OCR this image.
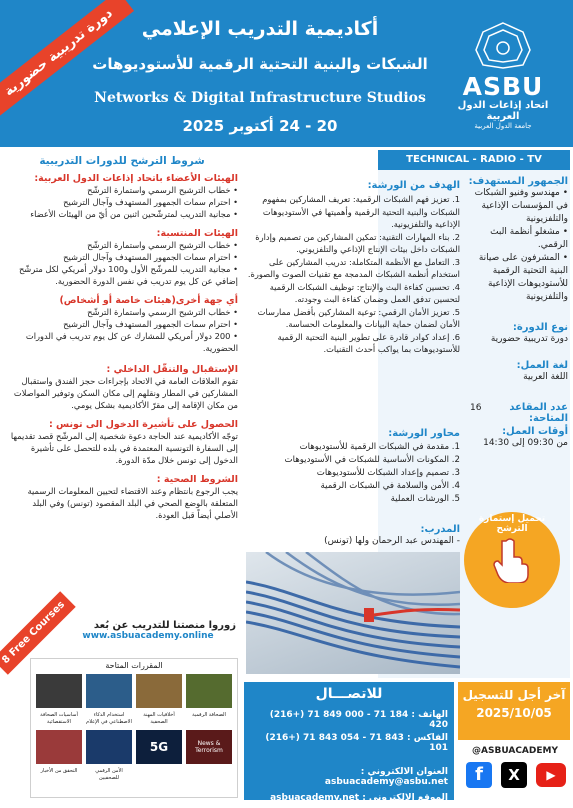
دورة تدريبية حضورية	أكاديمية التدريب الإعلامي
الشبكات والبنية التحتية الرقمية للأستوديوهات
Networks & Digital Infrastructure Studios
20 - 24 أكتوبر 2025
ASBU
اتحاد إذاعات الدول العربية
جامعة الدول العربية
TECHNICAL - RADIO - TV
الجمهور المستهدف:
• مهندسو وفنيو الشبكات في المؤسسات الإذاعية والتلفزيونية
• مشغلو أنظمة البث الرقمي.
• المشرفون على صيانة البنية التحتية الرقمية للأستوديوهات الإذاعية والتلفزيونية
نوع الدورة:
دورة تدريبية حضورية
لغة العمل:
اللغة العربية
عدد المقاعد المتاحة:
16
أوقات العمل:
من 09:30 إلى 14:30
تحميل إستمارة الترشح
الهدف من الورشة:
1. تعزيز فهم الشبكات الرقمية: تعريف المشاركين بمفهوم الشبكات والبنية التحتية الرقمية وأهميتها في الأستوديوهات الإذاعية والتلفزيونية.
2. بناء المهارات التقنية: تمكين المشاركين من تصميم وإدارة الشبكات داخل بيئات الإنتاج الإذاعي والتلفزيوني.
3. التعامل مع الأنظمة المتكاملة: تدريب المشاركين على استخدام أنظمة الشبكات المدمجة مع تقنيات الصوت والصورة.
4. تحسين كفاءة البث والإنتاج: توظيف الشبكات الرقمية لتحسين تدفق العمل وضمان كفاءة البث وجودته.
5. تعزيز الأمان الرقمي: توعية المشاركين بأفضل ممارسات الأمان لضمان حماية البيانات والمعلومات الحساسة.
6. إعداد كوادر قادرة على تطوير البنية التحتية الرقمية للأستوديوهات بما يواكب أحدث التقنيات.
محاور الورشة:
1. مقدمة في الشبكات الرقمية للأستوديوهات
2. المكونات الأساسية للشبكات في الأستوديوهات
3. تصميم وإعداد الشبكات للأستوديوهات
4. الأمن والسلامة في الشبكات الرقمية
5. الورشات العملية
المدرب:
- المهندس عبد الرحمان ولها (تونس)
شروط الترشح للدورات التدريبية
الهيئات الأعضاء باتحاد إذاعات الدول العربية:
• خطاب الترشيح الرسمي واستمارة الترشّح
• احترام سمات الجمهور المستهدف وآجال الترشيح
• مجانية التدريب لمترشّحين اثنين من أيّ من الهيئات الأعضاء
الهيئات المنتسبة:
• خطاب الترشيح الرسمي واستمارة الترشّح
• احترام سمات الجمهور المستهدف وآجال الترشيح
• مجانية التدريب للمرشّح الأول و100 دولار أمريكي لكل مترشّح إضافي عن كل يوم تدريب في نفس الدورة الحضورية.
أي جهة أخرى(هيئات خاصة أو أشخاص)
• خطاب الترشيح الرسمي واستمارة الترشّح
• احترام سمات الجمهور المستهدف وآجال الترشيح
• 200 دولار أمريكي للمشارك عن كل يوم تدريب في الدورات الحضورية.
الإستقبال والتنقّل الداخلي :
تقوم العلاقات العامة في الاتحاد بإجراءات حجز الفندق واستقبال المشاركين في المطار ونقلهم إلى مكان السكن وتوفير المواصلات من مكان الإقامة إلى مقرّ الأكاديمية بشكل يومي.
الحصول على تأشيرة الدخول الى تونس :
توجّه الأكاديمية عند الحاجة دعوة شخصية إلى المرشّح قصد تقديمها إلى السفارة التونسية المعتمدة في بلده للتحصل على تأشيرة الدخول إلى تونس خلال مدّة الدورة.
الشروط الصحية :
يجب الرجوع بانتظام وعند الاقتضاء لتحيين المعلومات الرسمية المتعلقة بالوضع الصحي في البلد المقصود (تونس) وفي البلد الأصلي أيضاً قبل العودة.
8 Free Courses	زوروا منصتنا للتدريب عن بُعد
www.asbuacademy.online
المقررات المتاحة
أساسيات الصحافة الاستقصائية
استخدام الذكاء الاصطناعي في الإعلام
أخلاقيات المهنة الصحفية
الصحافة الرقمية
التحقق من الأخبار	الأمن الرقمي للصحفيين
5G	News & Terrorism
للاتصـــال
الهاتف : (216+) 71 849 000 - 71 184 420
الفاكس : (216+) 71 843 054 - 71 843 101
العنوان الالكتروني : asbuacademy@asbu.net
الموقع الإلكتروني : asbuacademy.net
آخر أجل للتسجيل
2025/10/05
@ASBUACADEMY
f	X	▶
